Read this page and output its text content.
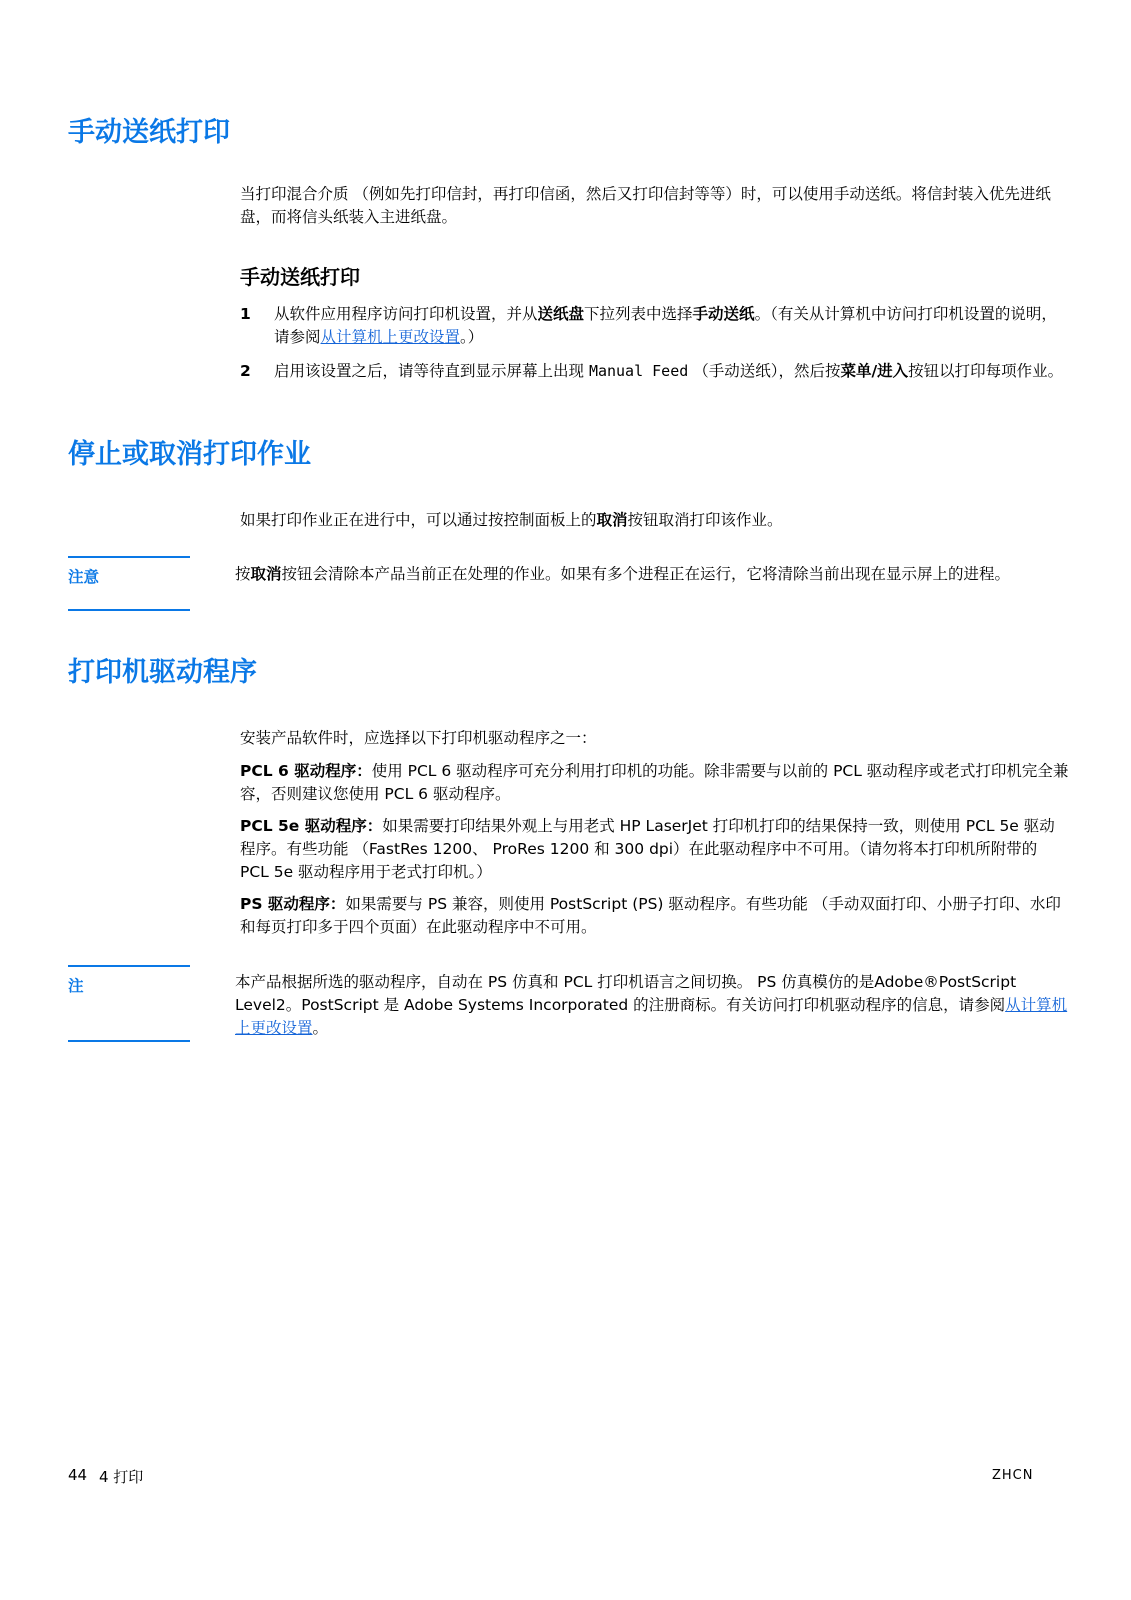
手动送纸打印
当打印混合介质 （例如先打印信封，再打印信函，然后又打印信封等等）时，可以使用手动送纸。将信封装入优先进纸盘，而将信头纸装入主进纸盘。
手动送纸打印
1 从软件应用程序访问打印机设置，并从送纸盘下拉列表中选择手动送纸。（有关从计算机中访问打印机设置的说明，请参阅从计算机上更改设置。）
2 启用该设置之后，请等待直到显示屏幕上出现 Manual Feed （手动送纸），然后按菜单/进入按钮以打印每项作业。
停止或取消打印作业
如果打印作业正在进行中，可以通过按控制面板上的取消按钮取消打印该作业。
注意	按取消按钮会清除本产品当前正在处理的作业。如果有多个进程正在运行，它将清除当前出现在显示屏上的进程。
打印机驱动程序
安装产品软件时，应选择以下打印机驱动程序之一：
PCL 6 驱动程序：使用 PCL 6 驱动程序可充分利用打印机的功能。除非需要与以前的 PCL 驱动程序或老式打印机完全兼容，否则建议您使用 PCL 6 驱动程序。
PCL 5e 驱动程序：如果需要打印结果外观上与用老式 HP LaserJet 打印机打印的结果保持一致，则使用 PCL 5e 驱动程序。有些功能 （FastRes 1200、 ProRes 1200 和 300 dpi）在此驱动程序中不可用。（请勿将本打印机所附带的 PCL 5e 驱动程序用于老式打印机。）
PS 驱动程序：如果需要与 PS 兼容，则使用 PostScript (PS) 驱动程序。有些功能 （手动双面打印、小册子打印、水印和每页打印多于四个页面）在此驱动程序中不可用。
注	本产品根据所选的驱动程序，自动在 PS 仿真和 PCL 打印机语言之间切换。 PS 仿真模仿的是Adobe®PostScript Level2。PostScript 是 Adobe Systems Incorporated 的注册商标。有关访问打印机驱动程序的信息，请参阅从计算机上更改设置。
44 4 打印	ZHCN
